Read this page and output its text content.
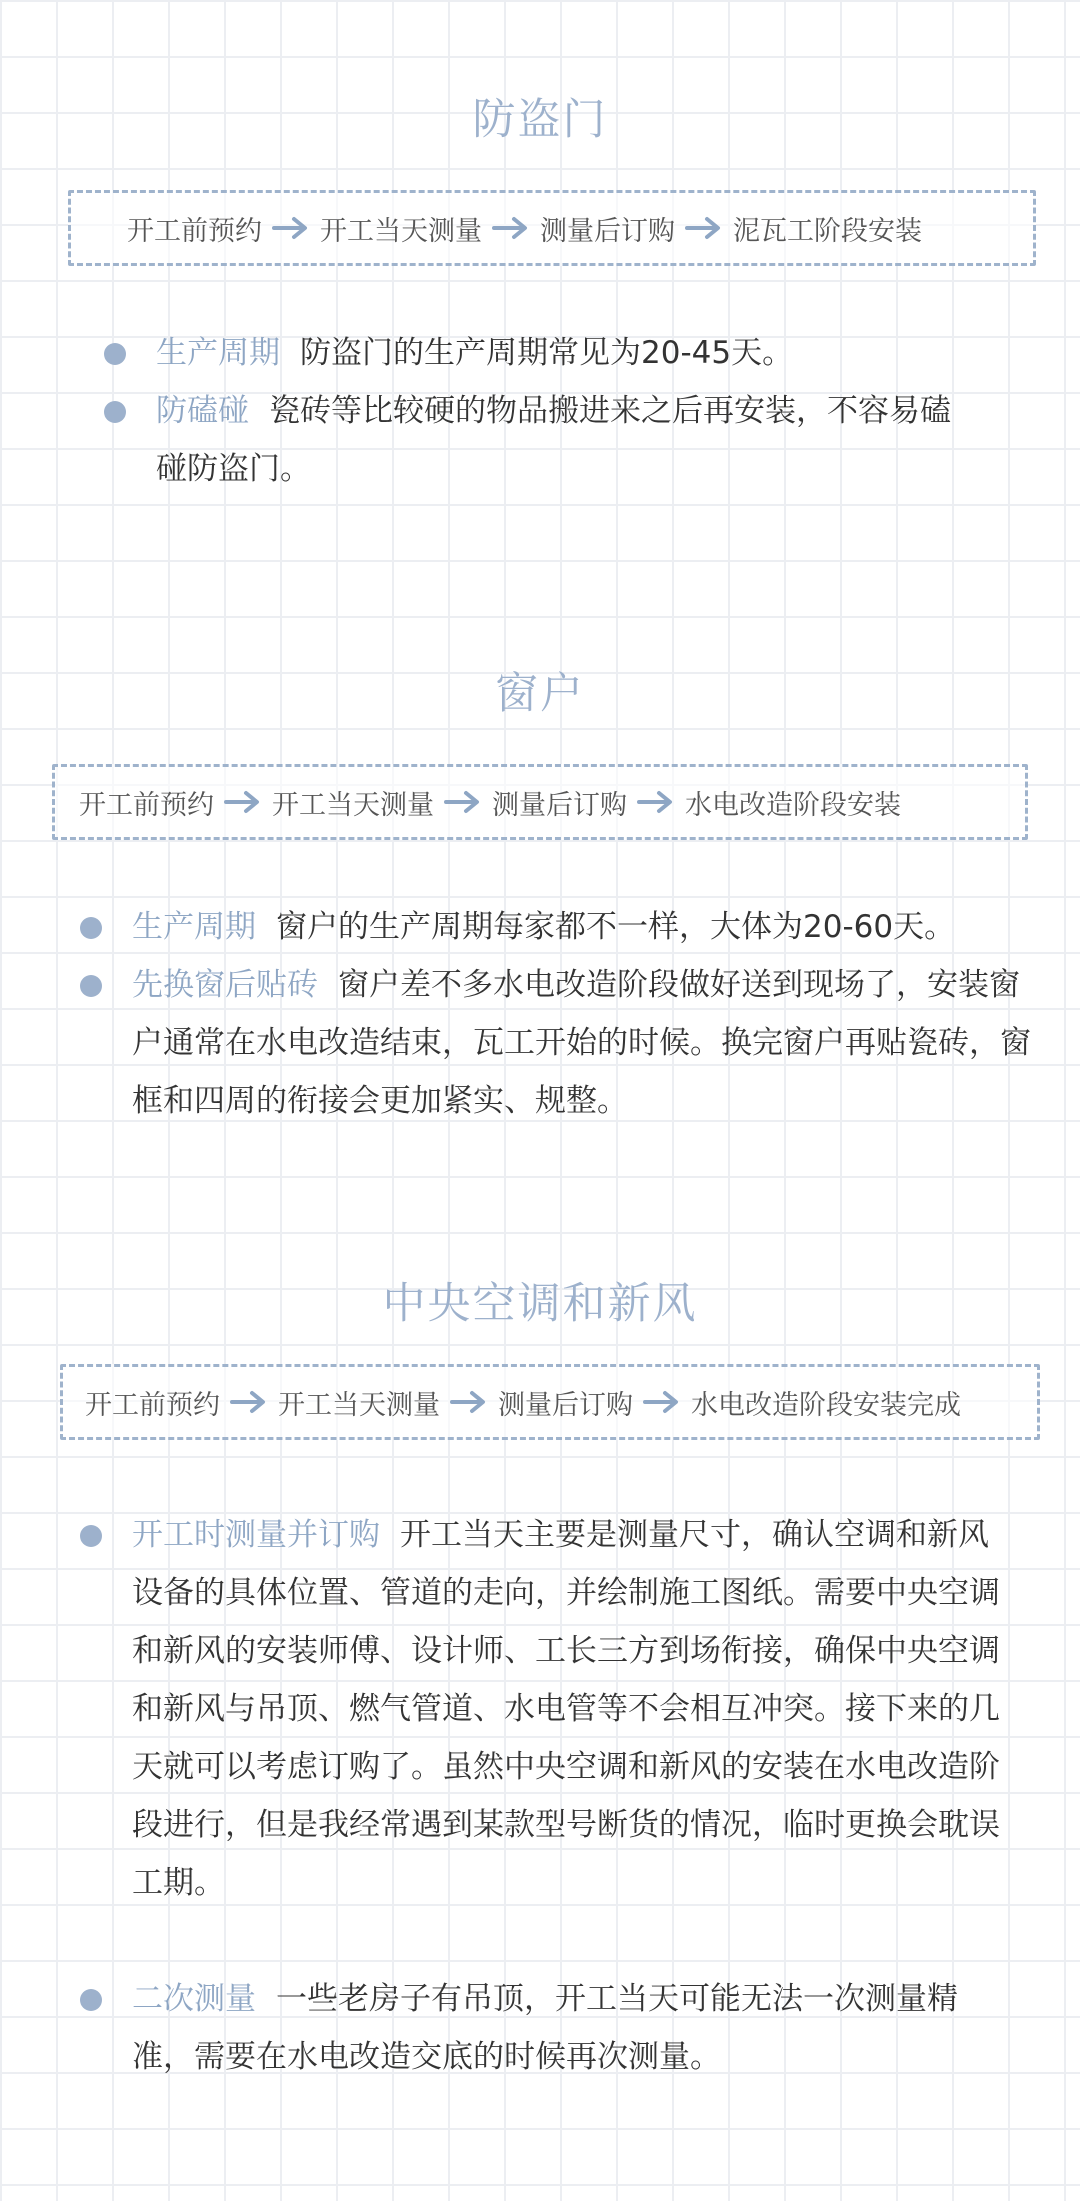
防盗门
开工前预约 开工当天测量 测量后订购 泥瓦工阶段安装
生产周期 防盗门的生产周期常见为20-45天。
防磕碰 瓷砖等比较硬的物品搬进来之后再安装，不容易磕碰防盗门。
窗户
开工前预约 开工当天测量 测量后订购 水电改造阶段安装
生产周期 窗户的生产周期每家都不一样，大体为20-60天。
先换窗后贴砖 窗户差不多水电改造阶段做好送到现场了，安装窗户通常在水电改造结束，瓦工开始的时候。换完窗户再贴瓷砖，窗框和四周的衔接会更加紧实、规整。
中央空调和新风
开工前预约 开工当天测量 测量后订购 水电改造阶段安装完成
开工时测量并订购 开工当天主要是测量尺寸，确认空调和新风设备的具体位置、管道的走向，并绘制施工图纸。需要中央空调和新风的安装师傅、设计师、工长三方到场衔接，确保中央空调和新风与吊顶、燃气管道、水电管等不会相互冲突。接下来的几天就可以考虑订购了。虽然中央空调和新风的安装在水电改造阶段进行，但是我经常遇到某款型号断货的情况，临时更换会耽误工期。
二次测量 一些老房子有吊顶，开工当天可能无法一次测量精准，需要在水电改造交底的时候再次测量。
